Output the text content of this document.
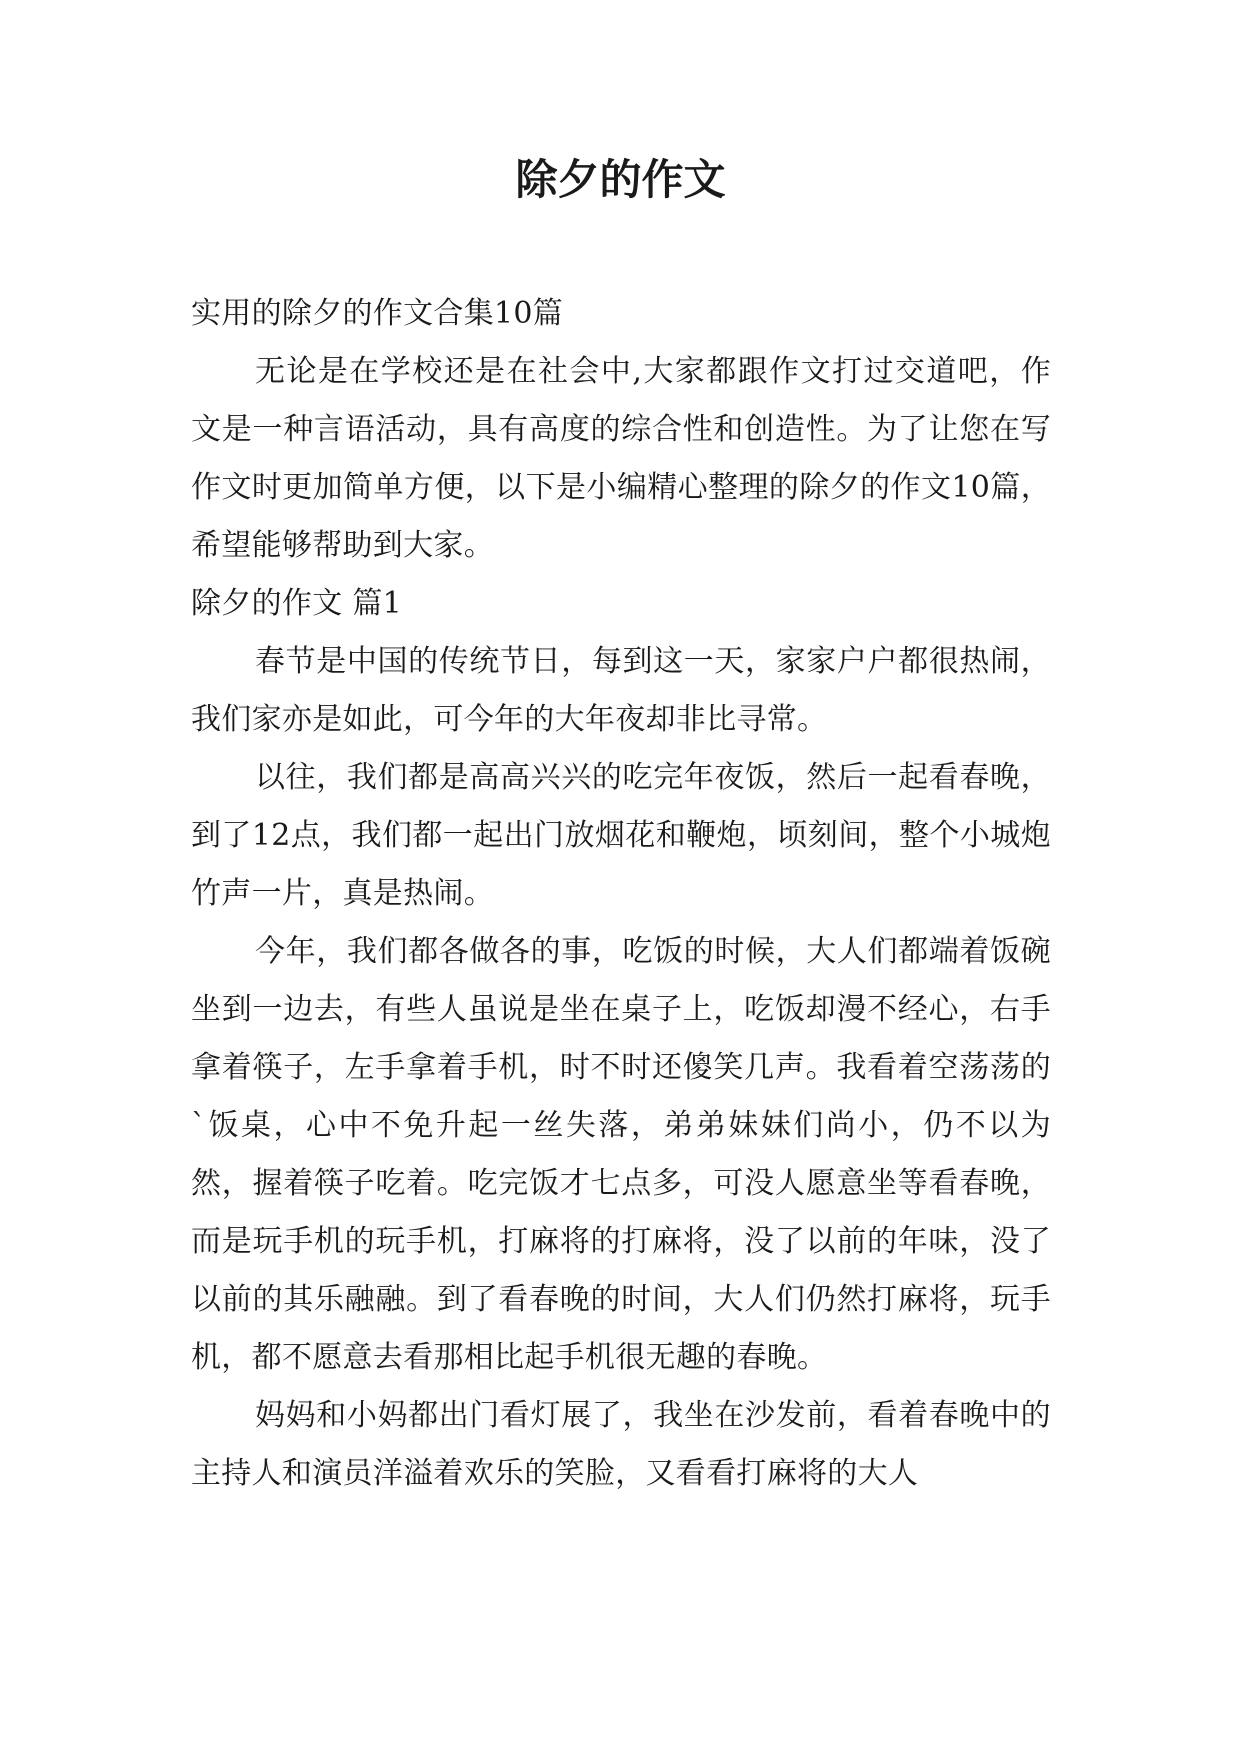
除夕的作文

实用的除夕的作文合集10篇

无论是在学校还是在社会中,大家都跟作文打过交道吧，作文是一种言语活动，具有高度的综合性和创造性。为了让您在写作文时更加简单方便，以下是小编精心整理的除夕的作文10篇，希望能够帮助到大家。

除夕的作文 篇1

春节是中国的传统节日，每到这一天，家家户户都很热闹，我们家亦是如此，可今年的大年夜却非比寻常。

以往，我们都是高高兴兴的吃完年夜饭，然后一起看春晚，到了12点，我们都一起出门放烟花和鞭炮，顷刻间，整个小城炮竹声一片，真是热闹。

今年，我们都各做各的事，吃饭的时候，大人们都端着饭碗坐到一边去，有些人虽说是坐在桌子上，吃饭却漫不经心，右手拿着筷子，左手拿着手机，时不时还傻笑几声。我看着空荡荡的`饭桌，心中不免升起一丝失落，弟弟妹妹们尚小，仍不以为然，握着筷子吃着。吃完饭才七点多，可没人愿意坐等看春晚，而是玩手机的玩手机，打麻将的打麻将，没了以前的年味，没了以前的其乐融融。到了看春晚的时间，大人们仍然打麻将，玩手机，都不愿意去看那相比起手机很无趣的春晚。

妈妈和小妈都出门看灯展了，我坐在沙发前，看着春晚中的主持人和演员洋溢着欢乐的笑脸，又看看打麻将的大人
